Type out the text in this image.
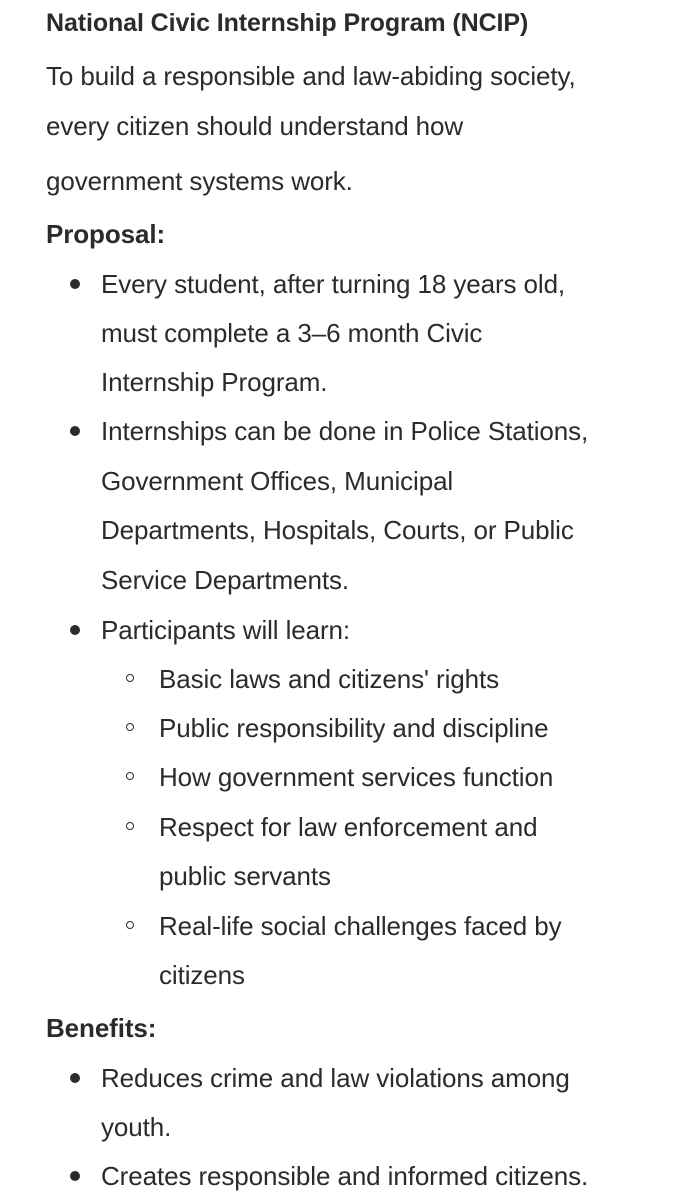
National Civic Internship Program (NCIP)
To build a responsible and law-abiding society,
every citizen should understand how
government systems work.
Proposal:
Every student, after turning 18 years old,
must complete a 3–6 month Civic
Internship Program.
Internships can be done in Police Stations,
Government Offices, Municipal
Departments, Hospitals, Courts, or Public
Service Departments.
Participants will learn:
Basic laws and citizens' rights
Public responsibility and discipline
How government services function
Respect for law enforcement and
public servants
Real-life social challenges faced by
citizens
Benefits:
Reduces crime and law violations among
youth.
Creates responsible and informed citizens.
